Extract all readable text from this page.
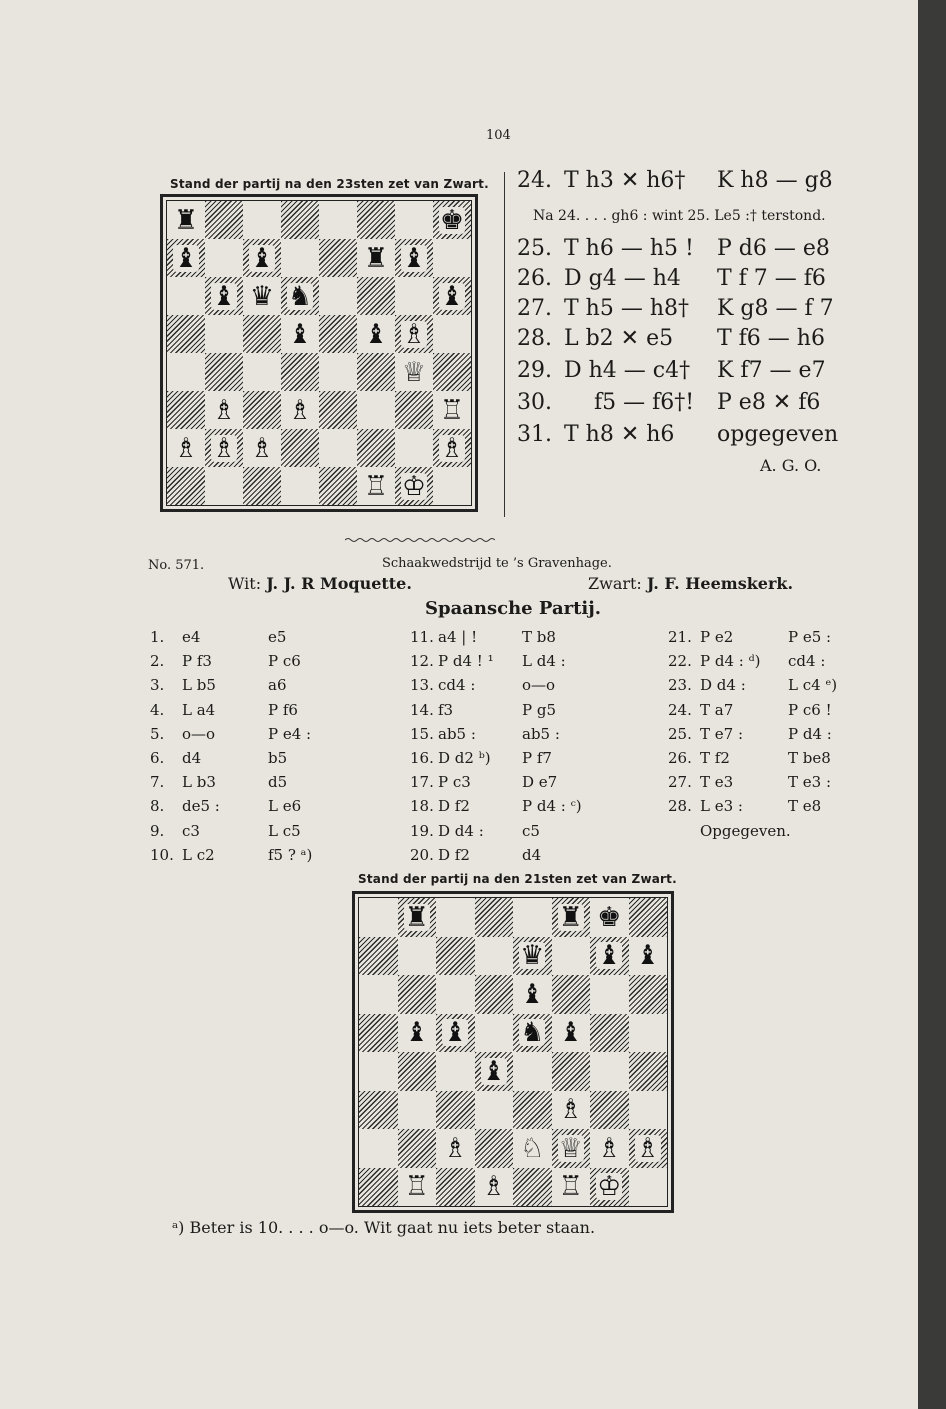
104
Stand der partij na den 23sten zet van Zwart.
♜	♚
♝ ♝	♜ ♝
♝ ♛ ♞	♝
♝ ♝ ♗
♕
♗ ♗	♖
♗ ♗ ♗	♗
♖ ♔
24. T h3 ✕ h6† K h8 — g8
25. T h6 — h5 ! P d6 — e8
26. D g4 — h4 T f 7 — f6
27. T h5 — h8† K g8 — f 7
28. L b2 ✕ e5 T f6 — h6
29. D h4 — c4† K f7 — e7
30. f5 — f6†! P e8 ✕ f6
31. T h8 ✕ h6 opgegeven
Na 24. . . . gh6 : wint 25. Le5 :† terstond.
A. G. O.
No. 571.	Schaakwedstrijd te ’s Gravenhage.
Wit: J. J. R Moquette.	Zwart: J. F. Heemskerk.
Spaansche Partij.
1. e4	e5
2. P f3	P c6
3. L b5	a6
4. L a4	P f6
5. o—o	P e4 :
6. d4	b5
7. L b3	d5
8. de5 :	L e6
9. c3	L c5
10. L c2	f5 ? ᵃ)
11. a4 | !	T b8
12. P d4 ! ¹ L d4 :
13. cd4 :	o—o
14. f3	P g5
15. ab5 :	ab5 :
16. D d2 ᵇ) P f7
17. P c3	D e7
18. D f2	P d4 : ᶜ)
19. D d4 :	c5
20. D f2	d4
21. P e2	P e5 :
22. P d4 : ᵈ) cd4 :
23. D d4 :	L c4 ᵉ)
24. T a7	P c6 !
25. T e7 :	P d4 :
26. T f2	T be8
27. T e3	T e3 :
28. L e3 :	T e8
Opgegeven.
Stand der partij na den 21sten zet van Zwart.
♜	♜ ♚
♛ ♝ ♝
♝
♝ ♝ ♞ ♝
♝
♗
♗ ♘ ♕ ♗ ♗
♖ ♗ ♖ ♔
ᵃ) Beter is 10. . . . o—o. Wit gaat nu iets beter staan.
